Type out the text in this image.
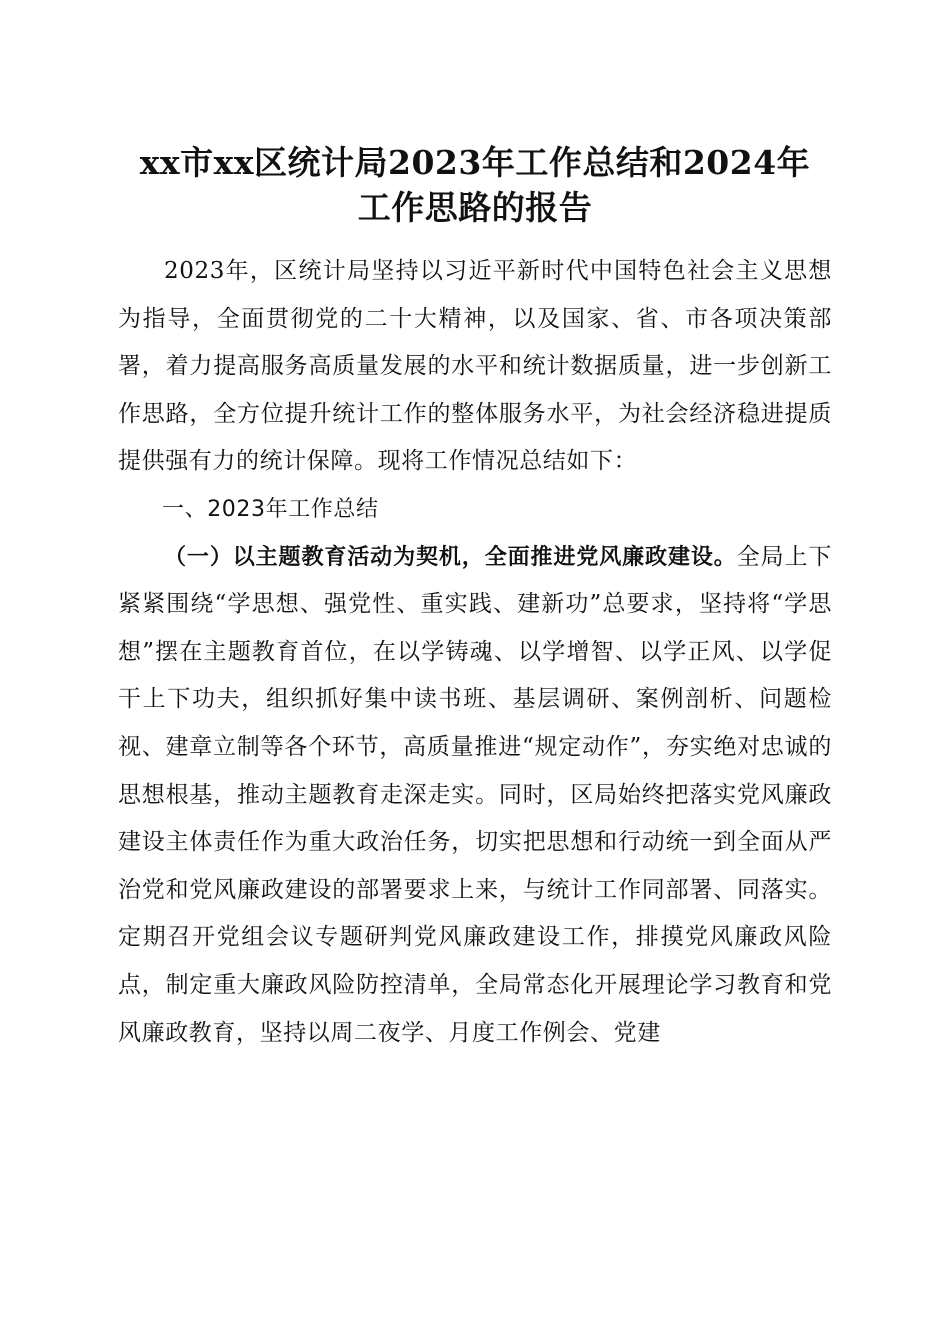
xx市xx区统计局2023年工作总结和2024年
工作思路的报告

2023年，区统计局坚持以习近平新时代中国特色社会主义思想为指导，全面贯彻党的二十大精神，以及国家、省、市各项决策部署，着力提高服务高质量发展的水平和统计数据质量，进一步创新工作思路，全方位提升统计工作的整体服务水平，为社会经济稳进提质提供强有力的统计保障。现将工作情况总结如下：

一、2023年工作总结

（一）以主题教育活动为契机，全面推进党风廉政建设。全局上下紧紧围绕“学思想、强党性、重实践、建新功”总要求，坚持将“学思想”摆在主题教育首位，在以学铸魂、以学增智、以学正风、以学促干上下功夫，组织抓好集中读书班、基层调研、案例剖析、问题检视、建章立制等各个环节，高质量推进“规定动作”，夯实绝对忠诚的思想根基，推动主题教育走深走实。同时，区局始终把落实党风廉政建设主体责任作为重大政治任务，切实把思想和行动统一到全面从严治党和党风廉政建设的部署要求上来，与统计工作同部署、同落实。定期召开党组会议专题研判党风廉政建设工作，排摸党风廉政风险点，制定重大廉政风险防控清单，全局常态化开展理论学习教育和党风廉政教育，坚持以周二夜学、月度工作例会、党建
